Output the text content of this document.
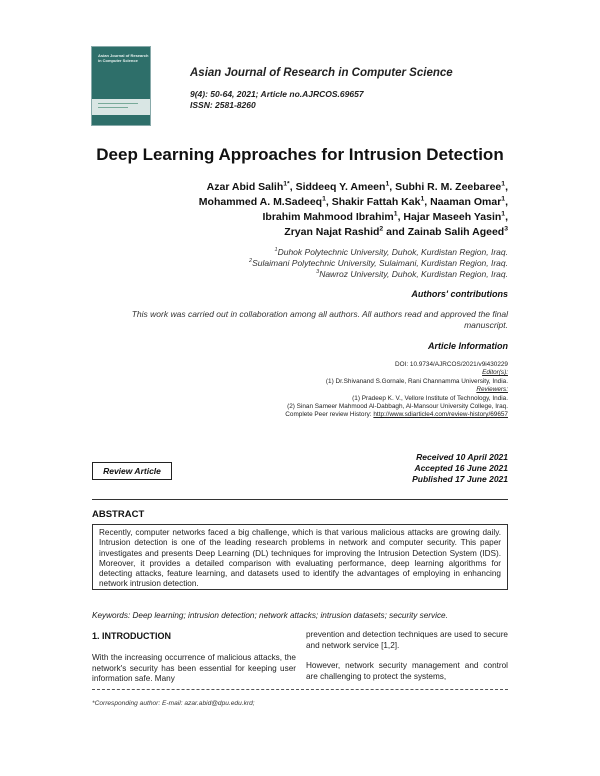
Asian Journal of Research in Computer Science
Asian Journal of Research in Computer Science
9(4): 50-64, 2021; Article no.AJRCOS.69657
ISSN: 2581-8260
Deep Learning Approaches for Intrusion Detection
Azar Abid Salih$^{1*}$, Siddeeq Y. Ameen$^1$, Subhi R. M. Zeebaree$^1$,
Mohammed A. M.Sadeeq$^1$, Shakir Fattah Kak$^1$, Naaman Omar$^1$,
Ibrahim Mahmood Ibrahim$^1$, Hajar Maseeh Yasin$^1$,
Zryan Najat Rashid$^2$ and Zainab Salih Ageed$^3$
$^1$Duhok Polytechnic University, Duhok, Kurdistan Region, Iraq.
$^2$Sulaimani Polytechnic University, Sulaimani, Kurdistan Region, Iraq.
$^3$Nawroz University, Duhok, Kurdistan Region, Iraq.
Authors' contributions
This work was carried out in collaboration among all authors. All authors read and approved the final manuscript.
Article Information
DOI: 10.9734/AJRCOS/2021/v9i430229
Editor(s):
(1) Dr.Shivanand S.Gornale, Rani Channamma University, India.
Reviewers:
(1) Pradeep K. V., Vellore Institute of Technology, India.
(2) Sinan Sameer Mahmood Al-Dabbagh, Al-Mansour University College, Iraq.
Complete Peer review History: http://www.sdiarticle4.com/review-history/69657
Review Article
Received 10 April 2021
Accepted 16 June 2021
Published 17 June 2021
ABSTRACT
Recently, computer networks faced a big challenge, which is that various malicious attacks are growing daily. Intrusion detection is one of the leading research problems in network and computer security. This paper investigates and presents Deep Learning (DL) techniques for improving the Intrusion Detection System (IDS). Moreover, it provides a detailed comparison with evaluating performance, deep learning algorithms for detecting attacks, feature learning, and datasets used to identify the advantages of employing in enhancing network intrusion detection.
Keywords: Deep learning; intrusion detection; network attacks; intrusion datasets; security service.
1. INTRODUCTION
With the increasing occurrence of malicious attacks, the network's security has been essential for keeping user information safe. Many
prevention and detection techniques are used to secure and network service [1,2].
However, network security management and control are challenging to protect the systems,
*Corresponding author: E-mail: azar.abid@dpu.edu.krd;
